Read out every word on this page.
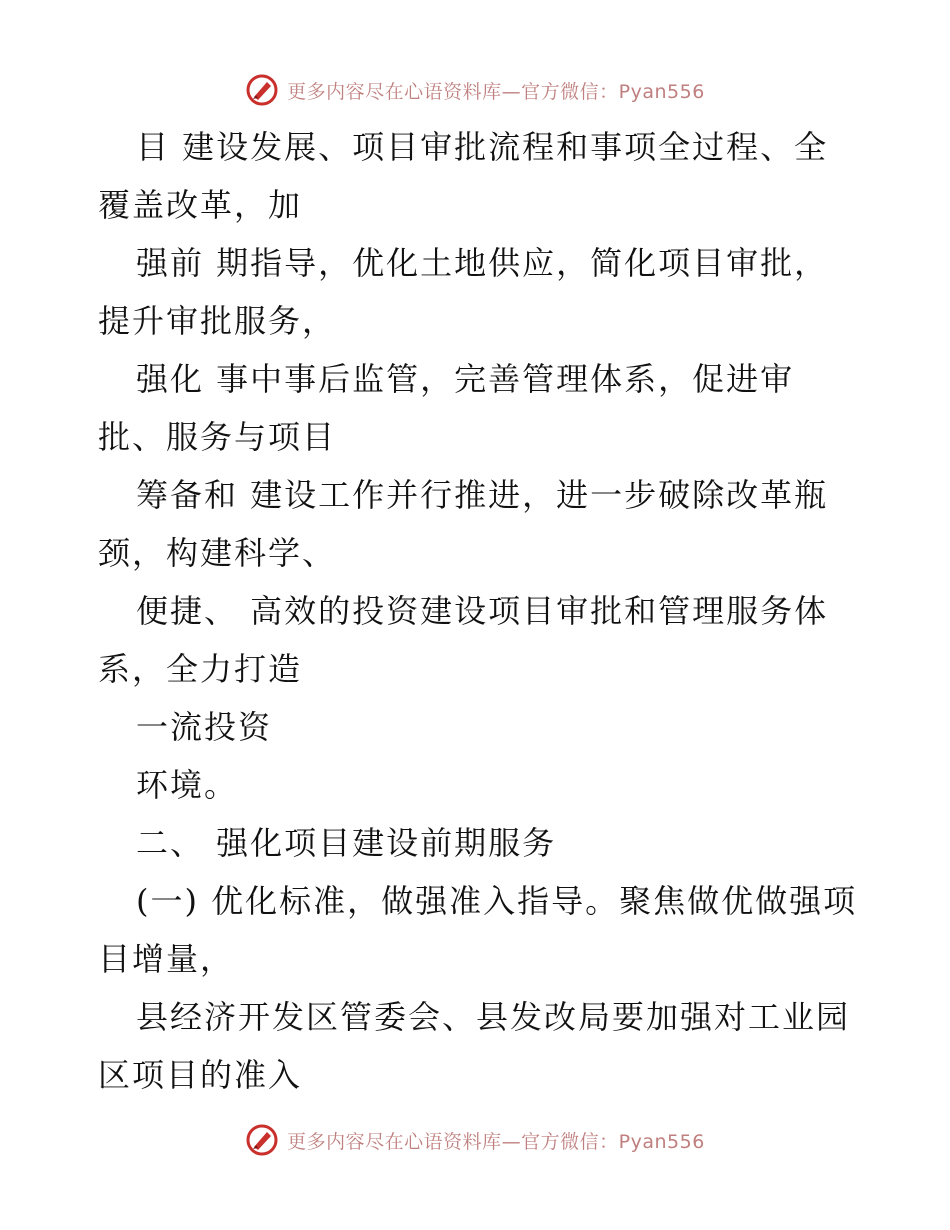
更多内容尽在心语资料库—官方微信：Pyan556
目 建设发展、项目审批流程和事项全过程、全
覆盖改革，加
强前 期指导，优化土地供应，简化项目审批，
提升审批服务，
强化 事中事后监管，完善管理体系，促进审
批、服务与项目
筹备和 建设工作并行推进，进一步破除改革瓶
颈，构建科学、
便捷、 高效的投资建设项目审批和管理服务体
系，全力打造
一流投资
环境。
二、 强化项目建设前期服务
(一) 优化标准，做强准入指导。聚焦做优做强项
目增量，
县经济开发区管委会、县发改局要加强对工业园
区项目的准入
更多内容尽在心语资料库—官方微信：Pyan556
